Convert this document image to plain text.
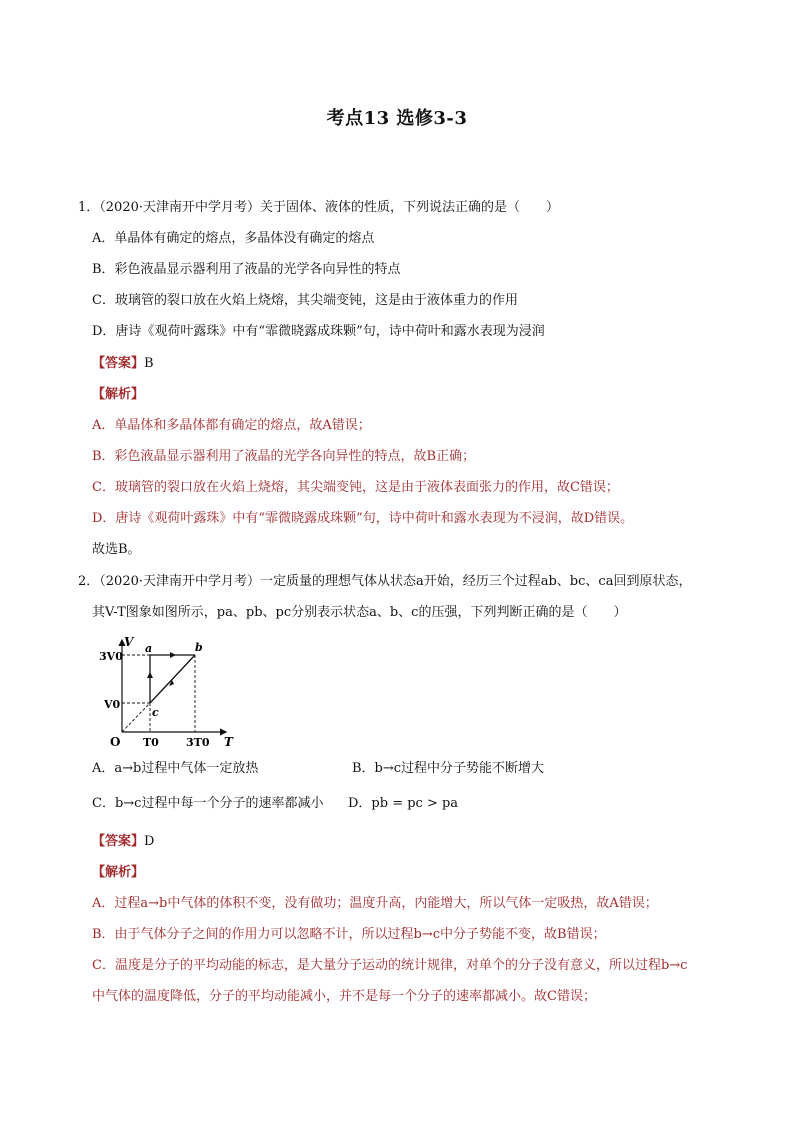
考点13 选修3-3
1．（2020·天津南开中学月考）关于固体、液体的性质，下列说法正确的是（　　）
A．单晶体有确定的熔点，多晶体没有确定的熔点
B．彩色液晶显示器利用了液晶的光学各向异性的特点
C．玻璃管的裂口放在火焰上烧熔，其尖端变钝，这是由于液体重力的作用
D．唐诗《观荷叶露珠》中有“霏微晓露成珠颗”句，诗中荷叶和露水表现为浸润
【答案】B
【解析】
A．单晶体和多晶体都有确定的熔点，故A错误；
B．彩色液晶显示器利用了液晶的光学各向异性的特点，故B正确；
C．玻璃管的裂口放在火焰上烧熔，其尖端变钝，这是由于液体表面张力的作用，故C错误；
D．唐诗《观荷叶露珠》中有“霏微晓露成珠颗”句，诗中荷叶和露水表现为不浸润，故D错误。
故选B。
2．（2020·天津南开中学月考）一定质量的理想气体从状态a开始，经历三个过程ab、bc、ca回到原状态，
其V-T图象如图所示，pa、pb、pc分别表示状态a、b、c的压强，下列判断正确的是（　　）
V
T
O
3V0
V0
T0 3T0
a	b
c
A．a→b过程中气体一定放热	B．b→c过程中分子势能不断增大
C．b→c过程中每一个分子的速率都减小 D．pb = pc > pa
【答案】D
【解析】
A．过程a→b中气体的体积不变，没有做功；温度升高，内能增大，所以气体一定吸热，故A错误；
B．由于气体分子之间的作用力可以忽略不计，所以过程b→c中分子势能不变，故B错误；
C．温度是分子的平均动能的标志，是大量分子运动的统计规律，对单个的分子没有意义，所以过程b→c
中气体的温度降低，分子的平均动能减小，并不是每一个分子的速率都减小。故C错误；
